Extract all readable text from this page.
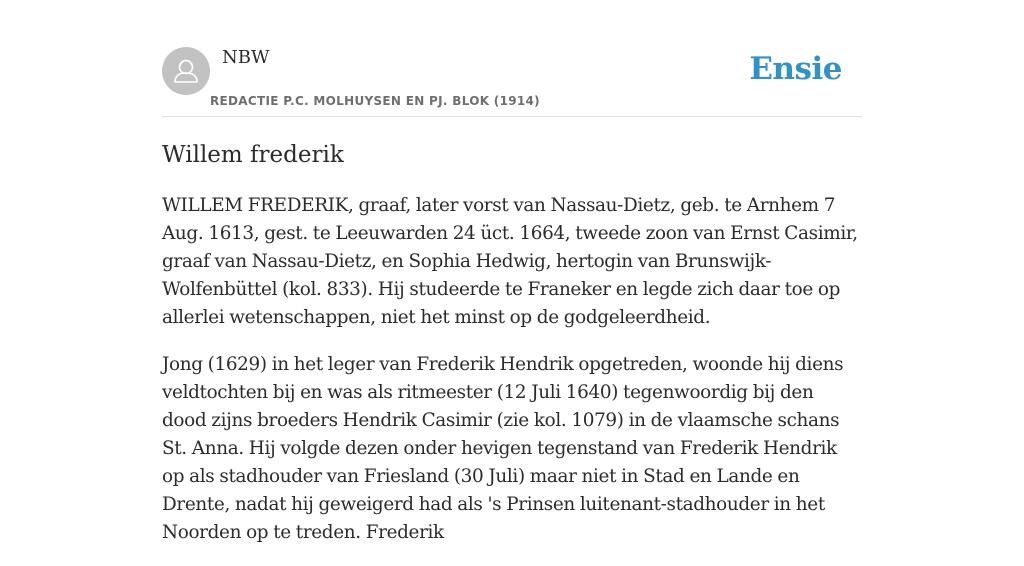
NBW
REDACTIE P.C. MOLHUYSEN EN PJ. BLOK (1914)
Ensie
Willem frederik

WILLEM FREDERIK, graaf, later vorst van Nassau-Dietz, geb. te Arnhem 7 Aug. 1613, gest. te Leeuwarden 24 üct. 1664, tweede zoon van Ernst Casimir, graaf van Nassau-Dietz, en Sophia Hedwig, hertogin van Brunswijk-Wolfenbüttel (kol. 833). Hij studeerde te Franeker en legde zich daar toe op allerlei wetenschappen, niet het minst op de godgeleerdheid.

Jong (1629) in het leger van Frederik Hendrik opgetreden, woonde hij diens veldtochten bij en was als ritmeester (12 Juli 1640) tegenwoordig bij den dood zijns broeders Hendrik Casimir (zie kol. 1079) in de vlaamsche schans St. Anna. Hij volgde dezen onder hevigen tegenstand van Frederik Hendrik op als stadhouder van Friesland (30 Juli) maar niet in Stad en Lande en Drente, nadat hij geweigerd had als 's Prinsen luitenant-stadhouder in het Noorden op te treden. Frederik
